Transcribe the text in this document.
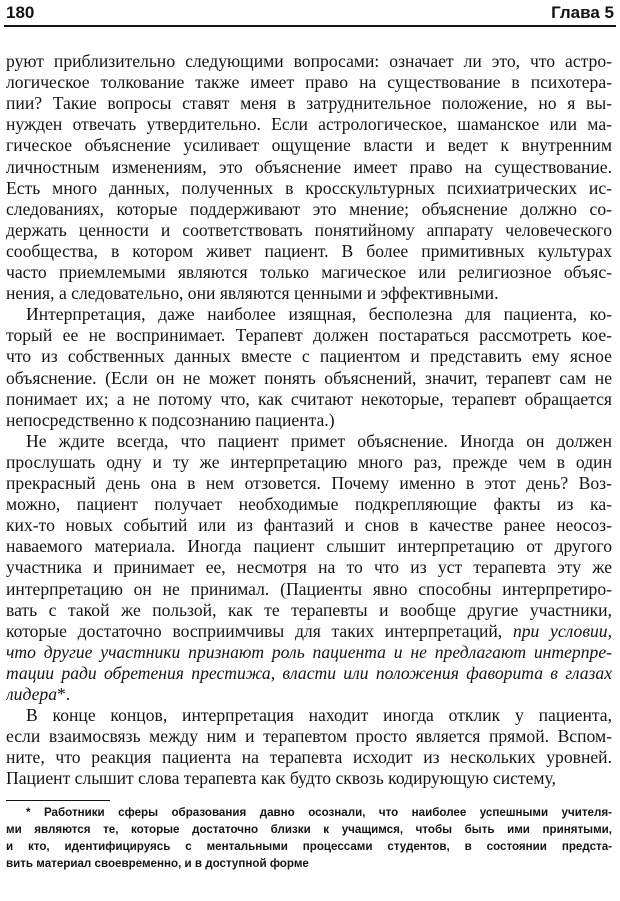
180	Глава 5
руют приблизительно следующими вопросами: означает ли это, что астро-
логическое толкование также имеет право на существование в психотера-
пии? Такие вопросы ставят меня в затруднительное положение, но я вы-
нужден отвечать утвердительно. Если астрологическое, шаманское или ма-
гическое объяснение усиливает ощущение власти и ведет к внутренним
личностным изменениям, это объяснение имеет право на существование.
Есть много данных, полученных в кросскультурных психиатрических ис-
следованиях, которые поддерживают это мнение; объяснение должно со-
держать ценности и соответствовать понятийному аппарату человеческого
сообщества, в котором живет пациент. В более примитивных культурах
часто приемлемыми являются только магическое или религиозное объяс-
нения, а следовательно, они являются ценными и эффективными.
Интерпретация, даже наиболее изящная, бесполезна для пациента, ко-
торый ее не воспринимает. Терапевт должен постараться рассмотреть кое-
что из собственных данных вместе с пациентом и представить ему ясное
объяснение. (Если он не может понять объяснений, значит, терапевт сам не
понимает их; а не потому что, как считают некоторые, терапевт обращается
непосредственно к подсознанию пациента.)
Не ждите всегда, что пациент примет объяснение. Иногда он должен
прослушать одну и ту же интерпретацию много раз, прежде чем в один
прекрасный день она в нем отзовется. Почему именно в этот день? Воз-
можно, пациент получает необходимые подкрепляющие факты из ка-
ких-то новых событий или из фантазий и снов в качестве ранее неосоз-
наваемого материала. Иногда пациент слышит интерпретацию от другого
участника и принимает ее, несмотря на то что из уст терапевта эту же
интерпретацию он не принимал. (Пациенты явно способны интерпретиро-
вать с такой же пользой, как те терапевты и вообще другие участники,
которые достаточно восприимчивы для таких интерпретаций, при условии,
что другие участники признают роль пациента и не предлагают интерпре-
тации ради обретения престижа, власти или положения фаворита в глазах
лидера*.
В конце концов, интерпретация находит иногда отклик у пациента,
если взаимосвязь между ним и терапевтом просто является прямой. Вспом-
ните, что реакция пациента на терапевта исходит из нескольких уровней.
Пациент слышит слова терапевта как будто сквозь кодирующую систему,
* Работники сферы образования давно осознали, что наиболее успешными учителя-
ми являются те, которые достаточно близки к учащимся, чтобы быть ими принятыми,
и кто, идентифицируясь с ментальными процессами студентов, в состоянии предста-
вить материал своевременно, и в доступной форме
